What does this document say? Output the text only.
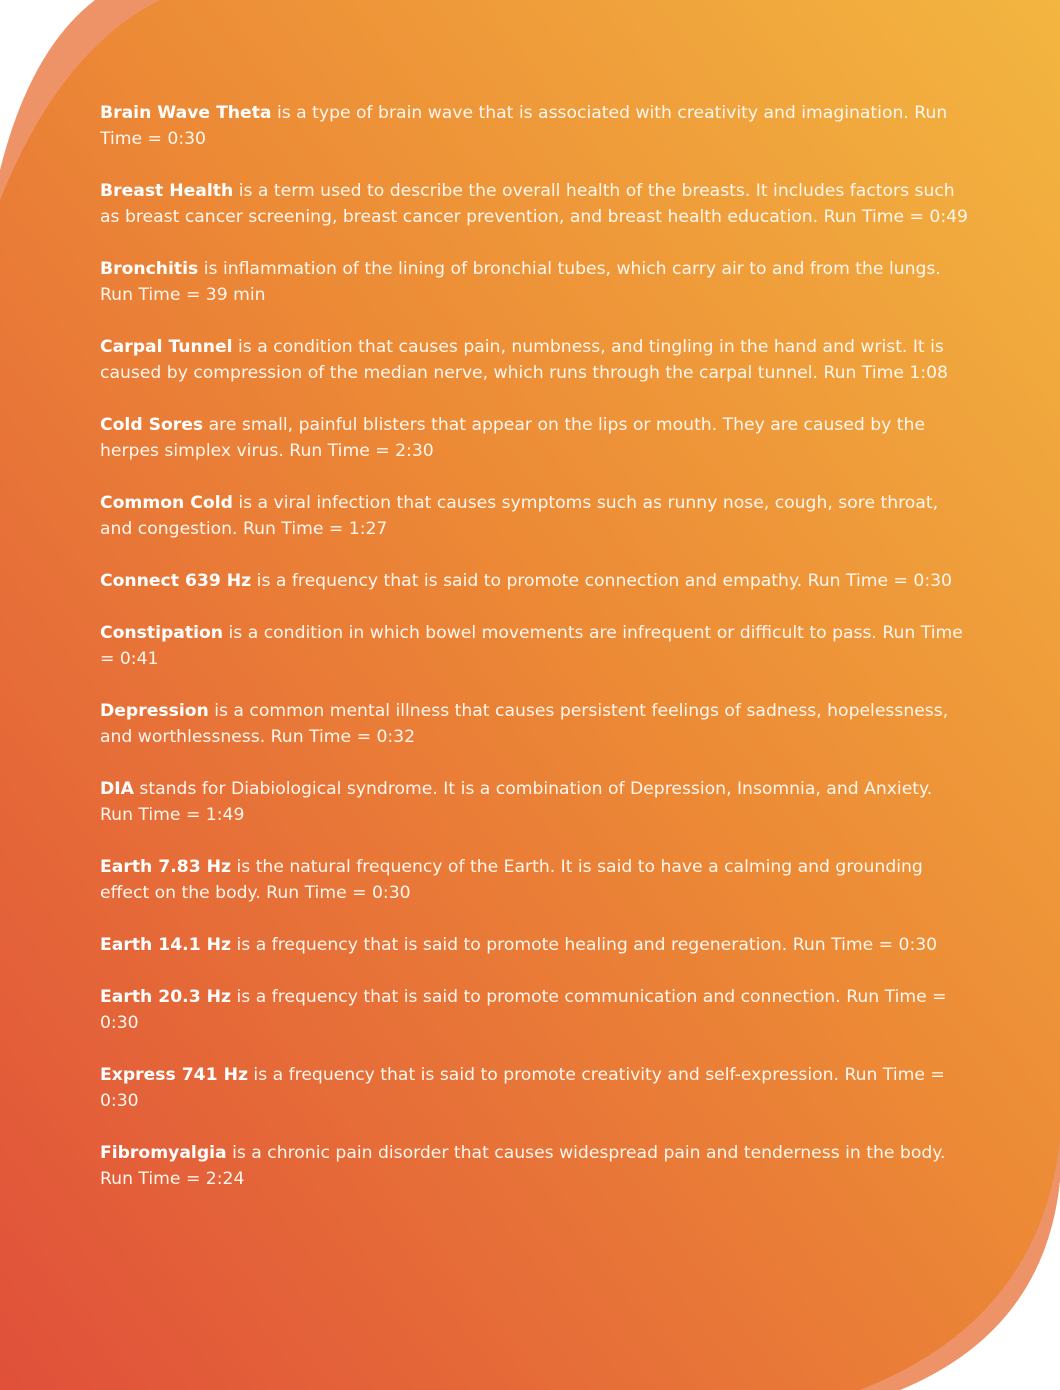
Brain Wave Theta is a type of brain wave that is associated with creativity and imagination. Run Time = 0:30

Breast Health is a term used to describe the overall health of the breasts. It includes factors such as breast cancer screening, breast cancer prevention, and breast health education. Run Time = 0:49

Bronchitis is inflammation of the lining of bronchial tubes, which carry air to and from the lungs. Run Time = 39 min

Carpal Tunnel is a condition that causes pain, numbness, and tingling in the hand and wrist. It is caused by compression of the median nerve, which runs through the carpal tunnel. Run Time 1:08

Cold Sores are small, painful blisters that appear on the lips or mouth. They are caused by the herpes simplex virus. Run Time = 2:30

Common Cold is a viral infection that causes symptoms such as runny nose, cough, sore throat, and congestion. Run Time = 1:27

Connect 639 Hz is a frequency that is said to promote connection and empathy. Run Time = 0:30

Constipation is a condition in which bowel movements are infrequent or difficult to pass. Run Time = 0:41

Depression is a common mental illness that causes persistent feelings of sadness, hopelessness, and worthlessness. Run Time = 0:32

DIA stands for Diabiological syndrome. It is a combination of Depression, Insomnia, and Anxiety. Run Time = 1:49

Earth 7.83 Hz is the natural frequency of the Earth. It is said to have a calming and grounding effect on the body. Run Time = 0:30

Earth 14.1 Hz is a frequency that is said to promote healing and regeneration. Run Time = 0:30

Earth 20.3 Hz is a frequency that is said to promote communication and connection. Run Time = 0:30

Express 741 Hz is a frequency that is said to promote creativity and self-expression. Run Time = 0:30

Fibromyalgia is a chronic pain disorder that causes widespread pain and tenderness in the body. Run Time = 2:24
